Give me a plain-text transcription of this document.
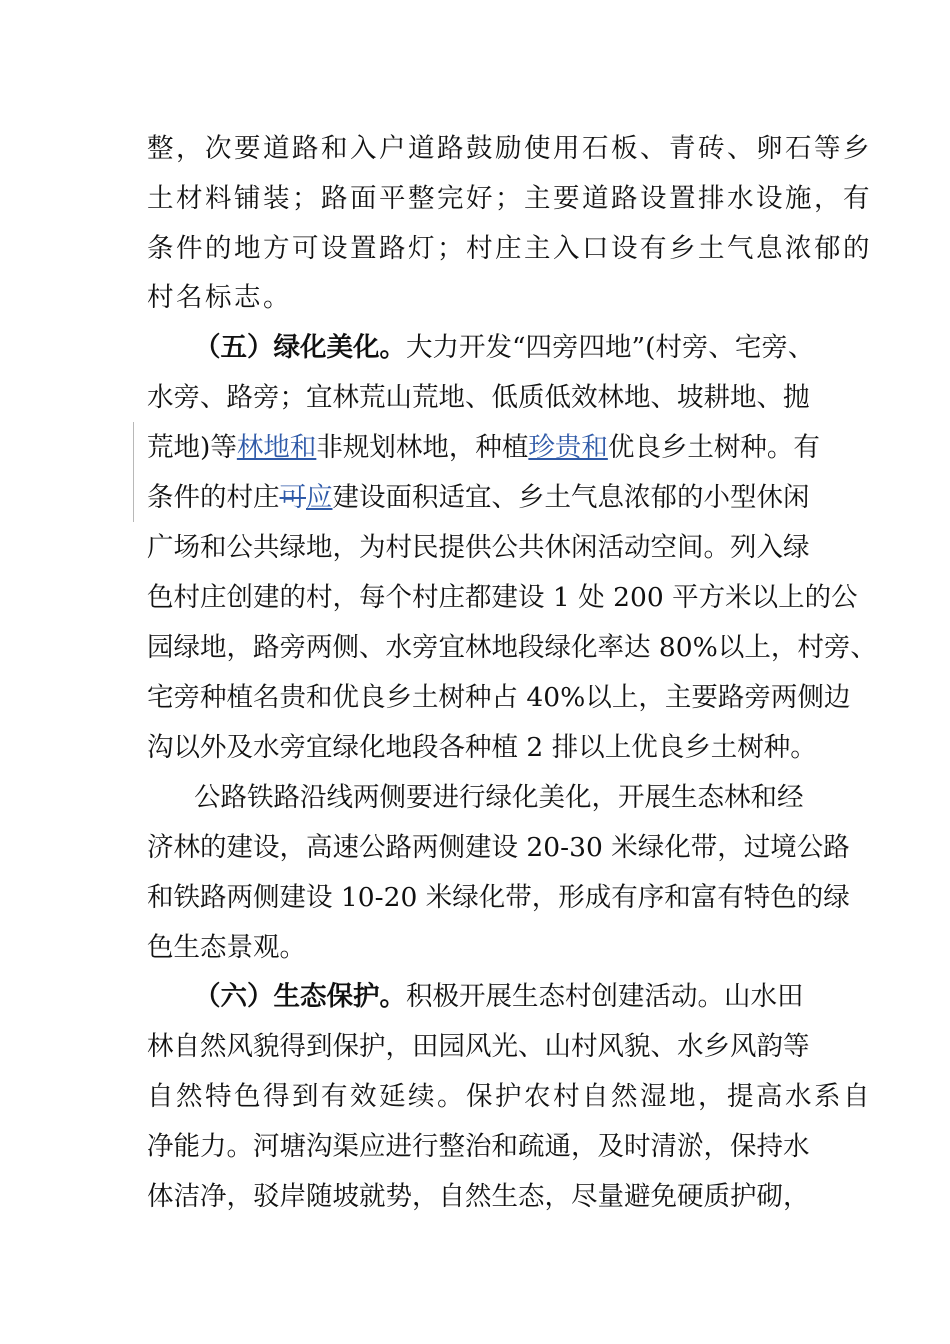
整，次要道路和入户道路鼓励使用石板、青砖、卵石等乡
土材料铺装；路面平整完好；主要道路设置排水设施，有
条件的地方可设置路灯；村庄主入口设有乡土气息浓郁的
村名标志。
（五）绿化美化。大力开发“四旁四地”(村旁、宅旁、
水旁、路旁；宜林荒山荒地、低质低效林地、坡耕地、抛
荒地)等林地和非规划林地，种植珍贵和优良乡土树种。有
条件的村庄可应建设面积适宜、乡土气息浓郁的小型休闲
广场和公共绿地，为村民提供公共休闲活动空间。列入绿
色村庄创建的村，每个村庄都建设 1 处 200 平方米以上的公
园绿地，路旁两侧、水旁宜林地段绿化率达 80%以上，村旁、
宅旁种植名贵和优良乡土树种占 40%以上，主要路旁两侧边
沟以外及水旁宜绿化地段各种植 2 排以上优良乡土树种。
公路铁路沿线两侧要进行绿化美化，开展生态林和经
济林的建设，高速公路两侧建设 20-30 米绿化带，过境公路
和铁路两侧建设 10-20 米绿化带，形成有序和富有特色的绿
色生态景观。
（六）生态保护。积极开展生态村创建活动。山水田
林自然风貌得到保护，田园风光、山村风貌、水乡风韵等
自然特色得到有效延续。保护农村自然湿地，提高水系自
净能力。河塘沟渠应进行整治和疏通，及时清淤，保持水
体洁净，驳岸随坡就势，自然生态，尽量避免硬质护砌，
